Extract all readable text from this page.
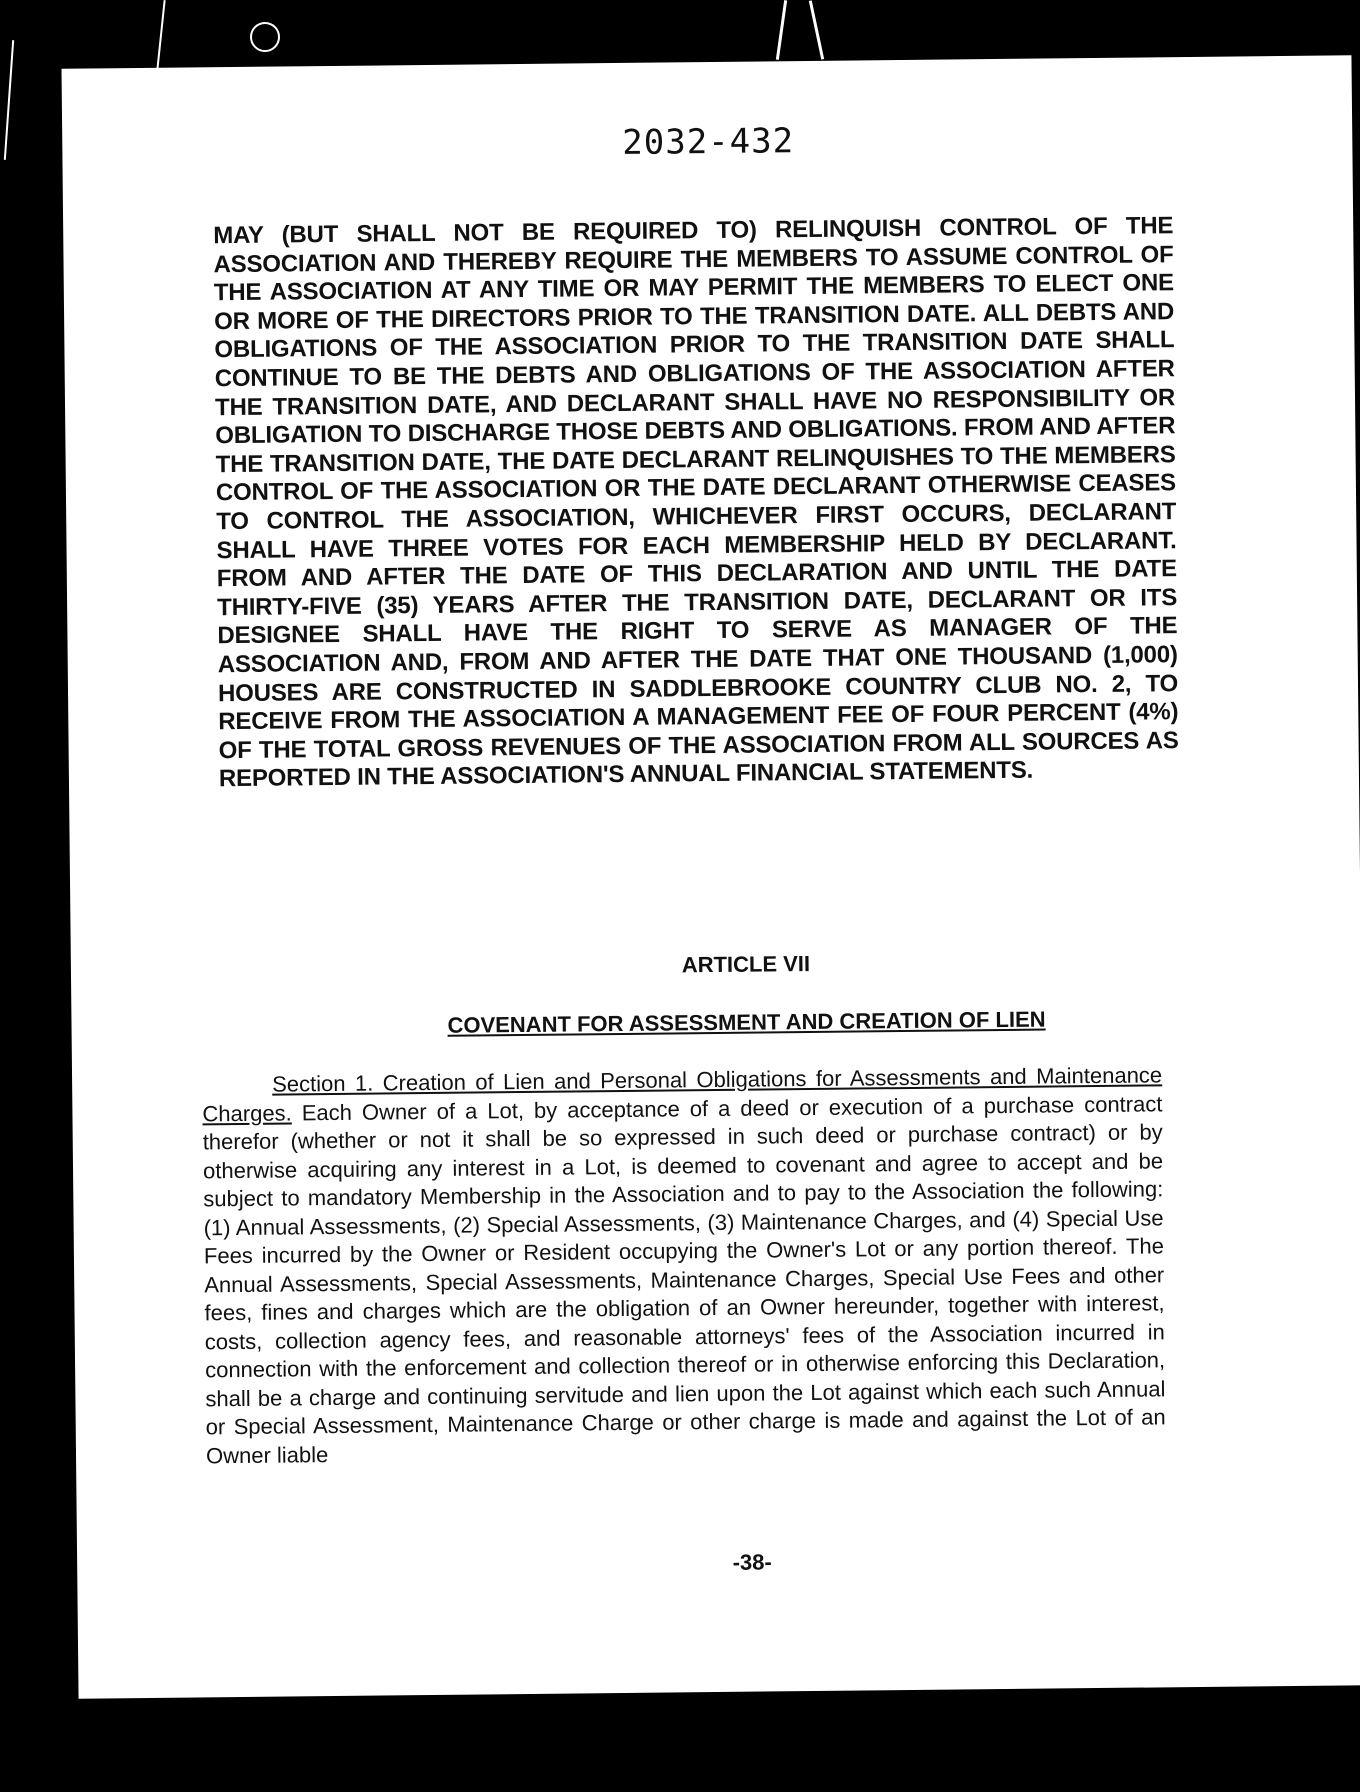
2032-432
MAY (BUT SHALL NOT BE REQUIRED TO) RELINQUISH CONTROL OF THE ASSOCIATION AND THEREBY REQUIRE THE MEMBERS TO ASSUME CONTROL OF THE ASSOCIATION AT ANY TIME OR MAY PERMIT THE MEMBERS TO ELECT ONE OR MORE OF THE DIRECTORS PRIOR TO THE TRANSITION DATE. ALL DEBTS AND OBLIGATIONS OF THE ASSOCIATION PRIOR TO THE TRANSITION DATE SHALL CONTINUE TO BE THE DEBTS AND OBLIGATIONS OF THE ASSOCIATION AFTER THE TRANSITION DATE, AND DECLARANT SHALL HAVE NO RESPONSIBILITY OR OBLIGATION TO DISCHARGE THOSE DEBTS AND OBLIGATIONS. FROM AND AFTER THE TRANSITION DATE, THE DATE DECLARANT RELINQUISHES TO THE MEMBERS CONTROL OF THE ASSOCIATION OR THE DATE DECLARANT OTHERWISE CEASES TO CONTROL THE ASSOCIATION, WHICHEVER FIRST OCCURS, DECLARANT SHALL HAVE THREE VOTES FOR EACH MEMBERSHIP HELD BY DECLARANT. FROM AND AFTER THE DATE OF THIS DECLARATION AND UNTIL THE DATE THIRTY-FIVE (35) YEARS AFTER THE TRANSITION DATE, DECLARANT OR ITS DESIGNEE SHALL HAVE THE RIGHT TO SERVE AS MANAGER OF THE ASSOCIATION AND, FROM AND AFTER THE DATE THAT ONE THOUSAND (1,000) HOUSES ARE CONSTRUCTED IN SADDLEBROOKE COUNTRY CLUB NO. 2, TO RECEIVE FROM THE ASSOCIATION A MANAGEMENT FEE OF FOUR PERCENT (4%) OF THE TOTAL GROSS REVENUES OF THE ASSOCIATION FROM ALL SOURCES AS REPORTED IN THE ASSOCIATION'S ANNUAL FINANCIAL STATEMENTS.
ARTICLE VII
COVENANT FOR ASSESSMENT AND CREATION OF LIEN
Section 1. Creation of Lien and Personal Obligations for Assessments and Maintenance Charges. Each Owner of a Lot, by acceptance of a deed or execution of a purchase contract therefor (whether or not it shall be so expressed in such deed or purchase contract) or by otherwise acquiring any interest in a Lot, is deemed to covenant and agree to accept and be subject to mandatory Membership in the Association and to pay to the Association the following: (1) Annual Assessments, (2) Special Assessments, (3) Maintenance Charges, and (4) Special Use Fees incurred by the Owner or Resident occupying the Owner's Lot or any portion thereof. The Annual Assessments, Special Assessments, Maintenance Charges, Special Use Fees and other fees, fines and charges which are the obligation of an Owner hereunder, together with interest, costs, collection agency fees, and reasonable attorneys' fees of the Association incurred in connection with the enforcement and collection thereof or in otherwise enforcing this Declaration, shall be a charge and continuing servitude and lien upon the Lot against which each such Annual or Special Assessment, Maintenance Charge or other charge is made and against the Lot of an Owner liable
-38-
